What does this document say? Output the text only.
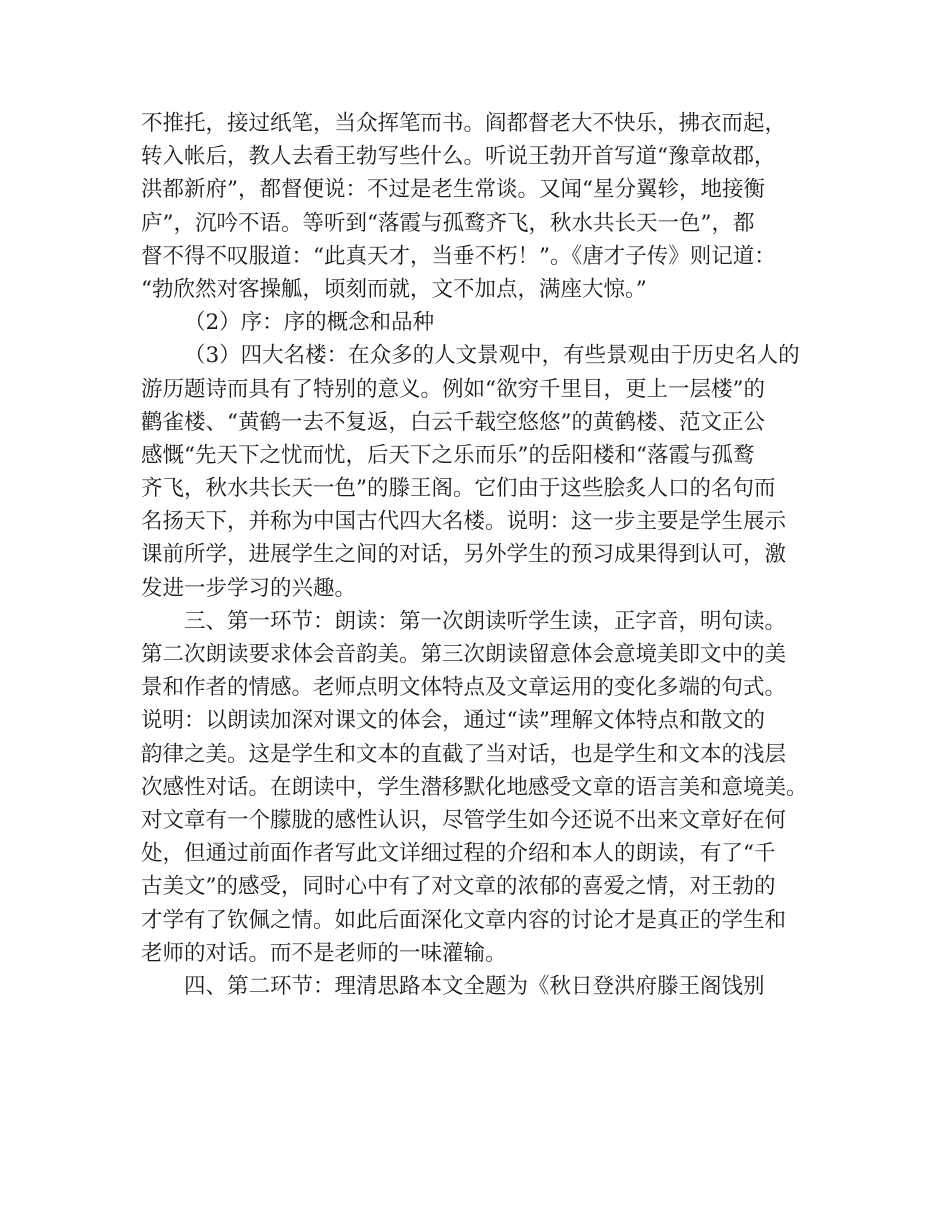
不推托，接过纸笔，当众挥笔而书。阎都督老大不快乐，拂衣而起，
转入帐后，教人去看王勃写些什么。听说王勃开首写道“豫章故郡，
洪都新府”，都督便说：不过是老生常谈。又闻“星分翼轸，地接衡
庐”，沉吟不语。等听到“落霞与孤鹜齐飞，秋水共长天一色”，都
督不得不叹服道：“此真天才，当垂不朽！”。《唐才子传》则记道：
“勃欣然对客操觚，顷刻而就，文不加点，满座大惊。”
（2）序：序的概念和品种
（3）四大名楼：在众多的人文景观中，有些景观由于历史名人的
游历题诗而具有了特别的意义。例如“欲穷千里目，更上一层楼”的
鹳雀楼、“黄鹤一去不复返，白云千载空悠悠”的黄鹤楼、范文正公
感慨“先天下之忧而忧，后天下之乐而乐”的岳阳楼和“落霞与孤鹜
齐飞，秋水共长天一色”的滕王阁。它们由于这些脍炙人口的名句而
名扬天下，并称为中国古代四大名楼。说明：这一步主要是学生展示
课前所学，进展学生之间的对话，另外学生的预习成果得到认可，激
发进一步学习的兴趣。
三、第一环节：朗读：第一次朗读听学生读，正字音，明句读。
第二次朗读要求体会音韵美。第三次朗读留意体会意境美即文中的美
景和作者的情感。老师点明文体特点及文章运用的变化多端的句式。
说明：以朗读加深对课文的体会，通过“读”理解文体特点和散文的
韵律之美。这是学生和文本的直截了当对话，也是学生和文本的浅层
次感性对话。在朗读中，学生潜移默化地感受文章的语言美和意境美。
对文章有一个朦胧的感性认识，尽管学生如今还说不出来文章好在何
处，但通过前面作者写此文详细过程的介绍和本人的朗读，有了“千
古美文”的感受，同时心中有了对文章的浓郁的喜爱之情，对王勃的
才学有了钦佩之情。如此后面深化文章内容的讨论才是真正的学生和
老师的对话。而不是老师的一味灌输。
四、第二环节：理清思路本文全题为《秋日登洪府滕王阁饯别
